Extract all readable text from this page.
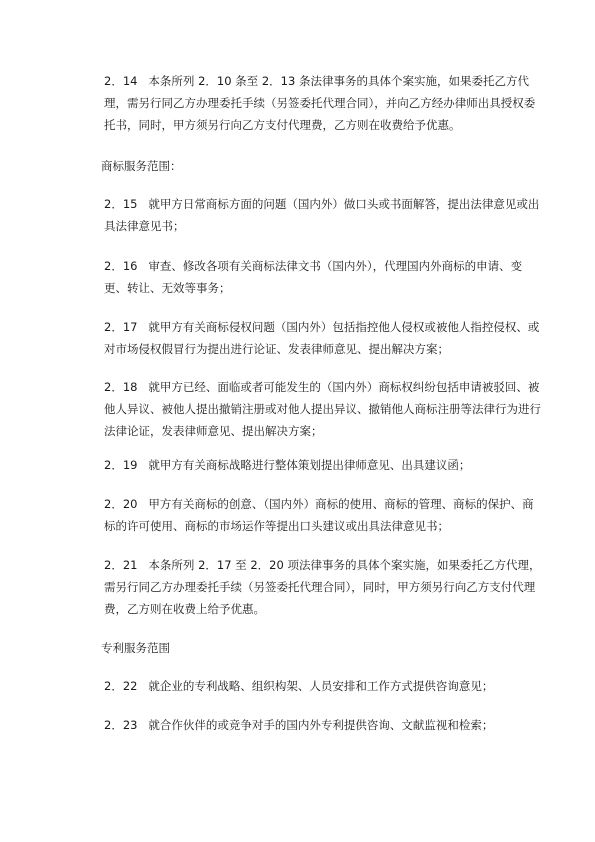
2．14 本条所列 2．10 条至 2．13 条法律事务的具体个案实施，如果委托乙方代理，需另行同乙方办理委托手续（另签委托代理合同），并向乙方经办律师出具授权委托书，同时，甲方须另行向乙方支付代理费，乙方则在收费给予优惠。
商标服务范围：
2．15 就甲方日常商标方面的问题（国内外）做口头或书面解答，提出法律意见或出具法律意见书；
2．16 审查、修改各项有关商标法律文书（国内外），代理国内外商标的申请、变更、转让、无效等事务；
2．17 就甲方有关商标侵权问题（国内外）包括指控他人侵权或被他人指控侵权、或对市场侵权假冒行为提出进行论证、发表律师意见、提出解决方案；
2．18 就甲方已经、面临或者可能发生的（国内外）商标权纠纷包括申请被驳回、被他人异议、被他人提出撤销注册或对他人提出异议、撤销他人商标注册等法律行为进行法律论证，发表律师意见、提出解决方案；
2．19 就甲方有关商标战略进行整体策划提出律师意见、出具建议函；
2．20 甲方有关商标的创意、（国内外）商标的使用、商标的管理、商标的保护、商标的许可使用、商标的市场运作等提出口头建议或出具法律意见书；
2．21 本条所列 2．17 至 2．20 项法律事务的具体个案实施，如果委托乙方代理，需另行同乙方办理委托手续（另签委托代理合同），同时，甲方须另行向乙方支付代理费，乙方则在收费上给予优惠。
专利服务范围
2．22 就企业的专利战略、组织构架、人员安排和工作方式提供咨询意见；
2．23 就合作伙伴的或竞争对手的国内外专利提供咨询、文献监视和检索；
